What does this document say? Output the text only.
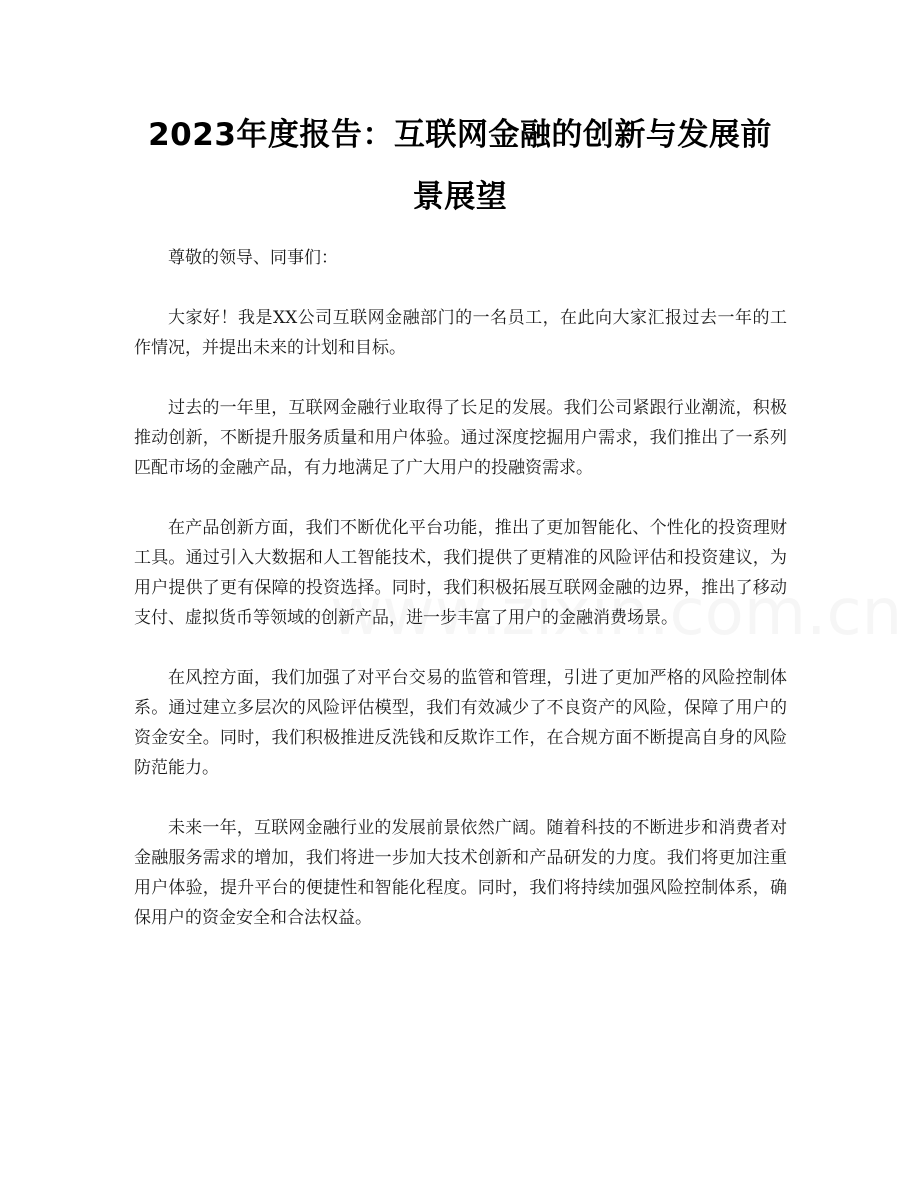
2023年度报告：互联网金融的创新与发展前景展望

尊敬的领导、同事们：

大家好！我是XX公司互联网金融部门的一名员工，在此向大家汇报过去一年的工作情况，并提出未来的计划和目标。

过去的一年里，互联网金融行业取得了长足的发展。我们公司紧跟行业潮流，积极推动创新，不断提升服务质量和用户体验。通过深度挖掘用户需求，我们推出了一系列匹配市场的金融产品，有力地满足了广大用户的投融资需求。

在产品创新方面，我们不断优化平台功能，推出了更加智能化、个性化的投资理财工具。通过引入大数据和人工智能技术，我们提供了更精准的风险评估和投资建议，为用户提供了更有保障的投资选择。同时，我们积极拓展互联网金融的边界，推出了移动支付、虚拟货币等领域的创新产品，进一步丰富了用户的金融消费场景。

在风控方面，我们加强了对平台交易的监管和管理，引进了更加严格的风险控制体系。通过建立多层次的风险评估模型，我们有效减少了不良资产的风险，保障了用户的资金安全。同时，我们积极推进反洗钱和反欺诈工作，在合规方面不断提高自身的风险防范能力。

未来一年，互联网金融行业的发展前景依然广阔。随着科技的不断进步和消费者对金融服务需求的增加，我们将进一步加大技术创新和产品研发的力度。我们将更加注重用户体验，提升平台的便捷性和智能化程度。同时，我们将持续加强风险控制体系，确保用户的资金安全和合法权益。
